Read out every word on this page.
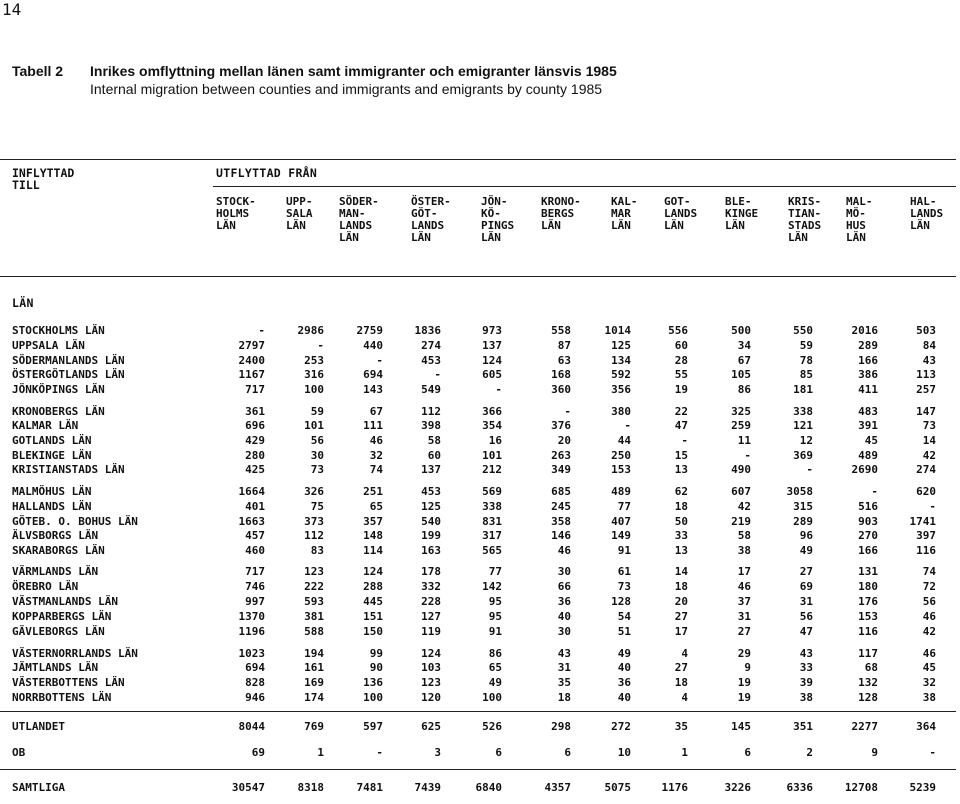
14
Tabell 2 Inrikes omflyttning mellan länen samt immigranter och emigranter länsvis 1985
Internal migration between counties and immigrants and emigrants by county 1985
INFLYTTAD
TILL
UTFLYTTAD FRÅN
LÄN
STOCK-
HOLMS
LÄN
UPP-
SALA
LÄN
SÖDER-
MAN-
LANDS
LÄN
ÖSTER-
GÖT-
LANDS
LÄN
JÖN-
KÖ-
PINGS
LÄN
KRONO-
BERGS
LÄN
KAL-
MAR
LÄN
GOT-
LANDS
LÄN
BLE-
KINGE
LÄN
KRIS-
TIAN-
STADS
LÄN
MAL-
MÖ-
HUS
LÄN
HAL-
LANDS
LÄN
STOCKHOLMS LÄN	-	2986	2759	1836	973	558	1014	556	500	550	2016	503
UPPSALA LÄN	2797	-	440	274	137	87	125	60	34	59	289	84
SÖDERMANLANDS LÄN	2400	253	-	453	124	63	134	28	67	78	166	43
ÖSTERGÖTLANDS LÄN	1167	316	694	-	605	168	592	55	105	85	386	113
JÖNKÖPINGS LÄN	717	100	143	549	-	360	356	19	86	181	411	257
KRONOBERGS LÄN	361	59	67	112	366	-	380	22	325	338	483	147
KALMAR LÄN	696	101	111	398	354	376	-	47	259	121	391	73
GOTLANDS LÄN	429	56	46	58	16	20	44	-	11	12	45	14
BLEKINGE LÄN	280	30	32	60	101	263	250	15	-	369	489	42
KRISTIANSTADS LÄN	425	73	74	137	212	349	153	13	490	-	2690	274
MALMÖHUS LÄN	1664	326	251	453	569	685	489	62	607	3058	-	620
HALLANDS LÄN	401	75	65	125	338	245	77	18	42	315	516	-
GÖTEB. O. BOHUS LÄN	1663	373	357	540	831	358	407	50	219	289	903	1741
ÄLVSBORGS LÄN	457	112	148	199	317	146	149	33	58	96	270	397
SKARABORGS LÄN	460	83	114	163	565	46	91	13	38	49	166	116
VÄRMLANDS LÄN	717	123	124	178	77	30	61	14	17	27	131	74
ÖREBRO LÄN	746	222	288	332	142	66	73	18	46	69	180	72
VÄSTMANLANDS LÄN	997	593	445	228	95	36	128	20	37	31	176	56
KOPPARBERGS LÄN	1370	381	151	127	95	40	54	27	31	56	153	46
GÄVLEBORGS LÄN	1196	588	150	119	91	30	51	17	27	47	116	42
VÄSTERNORRLANDS LÄN	1023	194	99	124	86	43	49	4	29	43	117	46
JÄMTLANDS LÄN	694	161	90	103	65	31	40	27	9	33	68	45
VÄSTERBOTTENS LÄN	828	169	136	123	49	35	36	18	19	39	132	32
NORRBOTTENS LÄN	946	174	100	120	100	18	40	4	19	38	128	38
UTLANDET	8044	769	597	625	526	298	272	35	145	351	2277	364
OB	69	1	-	3	6	6	10	1	6	2	9	-
SAMTLIGA	30547	8318	7481	7439	6840	4357	5075	1176	3226	6336	12708	5239
